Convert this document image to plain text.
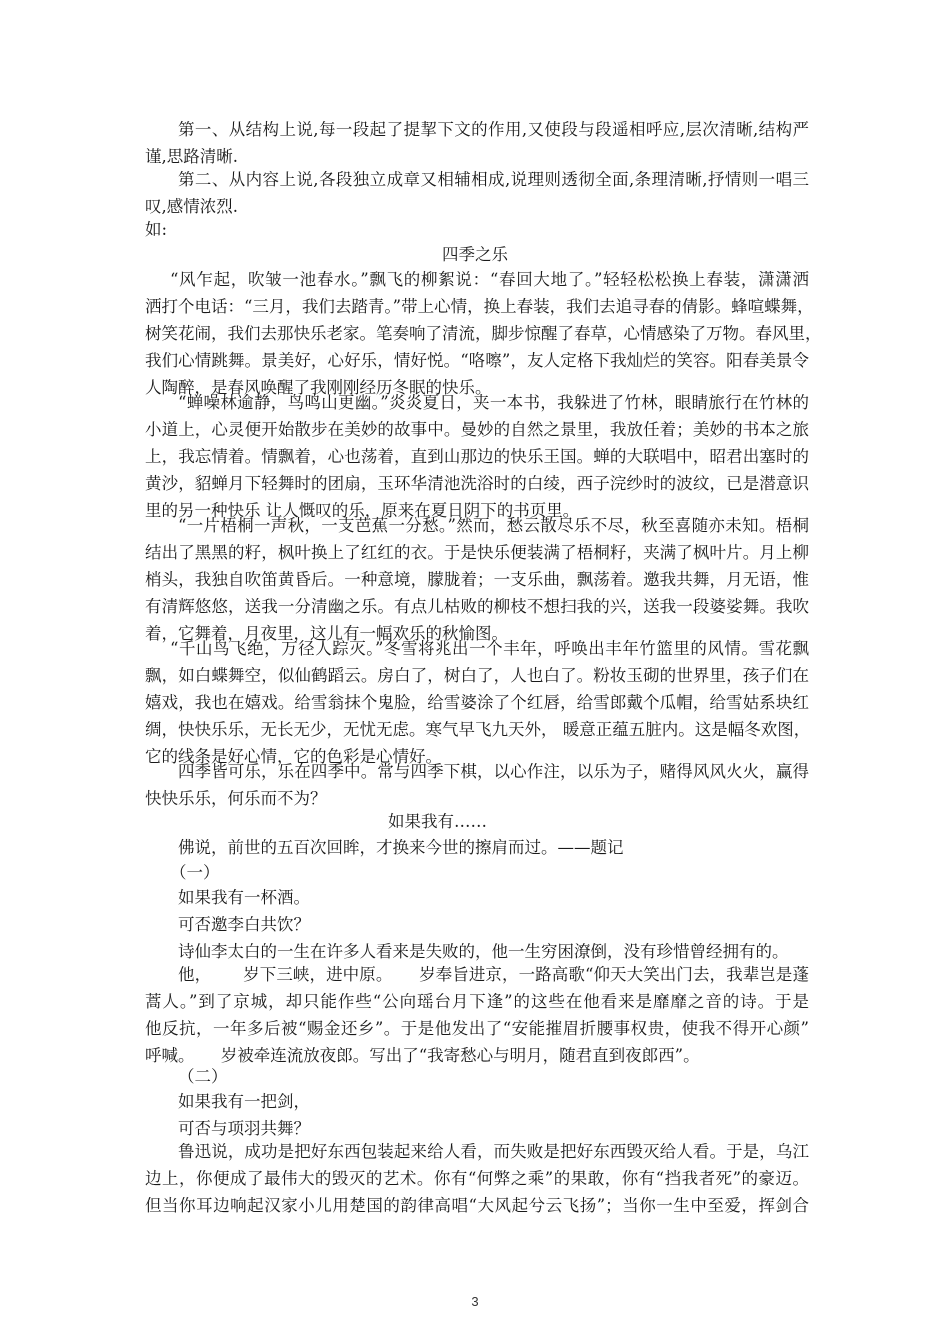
第一、从结构上说,每一段起了提挈下文的作用,又使段与段遥相呼应,层次清晰,结构严
谨,思路清晰.
第二、从内容上说,各段独立成章又相辅相成,说理则透彻全面,条理清晰,抒情则一唱三
叹,感情浓烈.
如:
四季之乐
“风乍起，吹皱一池春水。”飘飞的柳絮说：“春回大地了。”轻轻松松换上春装，潇潇洒
洒打个电话：“三月，我们去踏青。”带上心情，换上春装，我们去追寻春的倩影。蜂喧蝶舞，
树笑花闹，我们去那快乐老家。笔奏响了清流，脚步惊醒了春草，心情感染了万物。春风里，
我们心情跳舞。景美好，心好乐，情好悦。“咯嚓”，友人定格下我灿烂的笑容。阳春美景令
人陶醉，是春风唤醒了我刚刚经历冬眠的快乐。
“蝉噪林逾静，鸟鸣山更幽。”炎炎夏日，夹一本书，我躲进了竹林，眼睛旅行在竹林的
小道上，心灵便开始散步在美妙的故事中。曼妙的自然之景里，我放任着；美妙的书本之旅
上，我忘情着。情飘着，心也荡着，直到山那边的快乐王国。蝉的大联唱中，昭君出塞时的
黄沙，貂蝉月下轻舞时的团扇，玉环华清池洗浴时的白绫，西子浣纱时的波纹，已是潜意识
里的另一种快乐 让人慨叹的乐，原来在夏日阴下的书页里。
“一片梧桐一声秋，一支芭蕉一分愁。”然而，愁云散尽乐不尽，秋至喜随亦未知。梧桐
结出了黑黑的籽，枫叶换上了红红的衣。于是快乐便装满了梧桐籽，夹满了枫叶片。月上柳
梢头，我独自吹笛黄昏后。一种意境，朦胧着；一支乐曲，飘荡着。邀我共舞，月无语，惟
有清辉悠悠，送我一分清幽之乐。有点儿枯败的柳枝不想扫我的兴，送我一段婆娑舞。我吹
着，它舞着，月夜里，这儿有一幅欢乐的秋愉图。
“千山鸟飞绝，万径人踪灭。”冬雪将兆出一个丰年，呼唤出丰年竹篮里的风情。雪花飘
飘，如白蝶舞空，似仙鹤蹈云。房白了，树白了，人也白了。粉妆玉砌的世界里，孩子们在
嬉戏，我也在嬉戏。给雪翁抹个鬼脸，给雪婆涂了个红唇，给雪郎戴个瓜帽，给雪姑系块红
绸，快快乐乐，无长无少，无忧无虑。寒气早飞九天外， 暖意正蕴五脏内。这是幅冬欢图，
它的线条是好心情，它的色彩是心情好。
四季皆可乐，乐在四季中。常与四季下棋，以心作注，以乐为子，赌得风风火火，赢得
快快乐乐，何乐而不为？
如果我有……
佛说，前世的五百次回眸，才换来今世的擦肩而过。——题记
（一）
如果我有一杯酒。
可否邀李白共饮？
诗仙李太白的一生在许多人看来是失败的，他一生穷困潦倒，没有珍惜曾经拥有的。
他，      岁下三峡，进中原。     岁奉旨进京，一路高歌“仰天大笑出门去，我辈岂是蓬
蒿人。”到了京城，却只能作些“公向瑶台月下逢”的这些在他看来是靡靡之音的诗。于是
他反抗，一年多后被“赐金还乡”。于是他发出了“安能摧眉折腰事权贵，使我不得开心颜”
呼喊。     岁被牵连流放夜郎。写出了“我寄愁心与明月，随君直到夜郎西”。
（二）
如果我有一把剑，
可否与项羽共舞？
鲁迅说，成功是把好东西包装起来给人看，而失败是把好东西毁灭给人看。于是，乌江
边上，你便成了最伟大的毁灭的艺术。你有“何弊之乘”的果敢，你有“挡我者死”的豪迈。
但当你耳边响起汉家小儿用楚国的韵律高唱“大风起兮云飞扬”；当你一生中至爱，挥剑合
3
